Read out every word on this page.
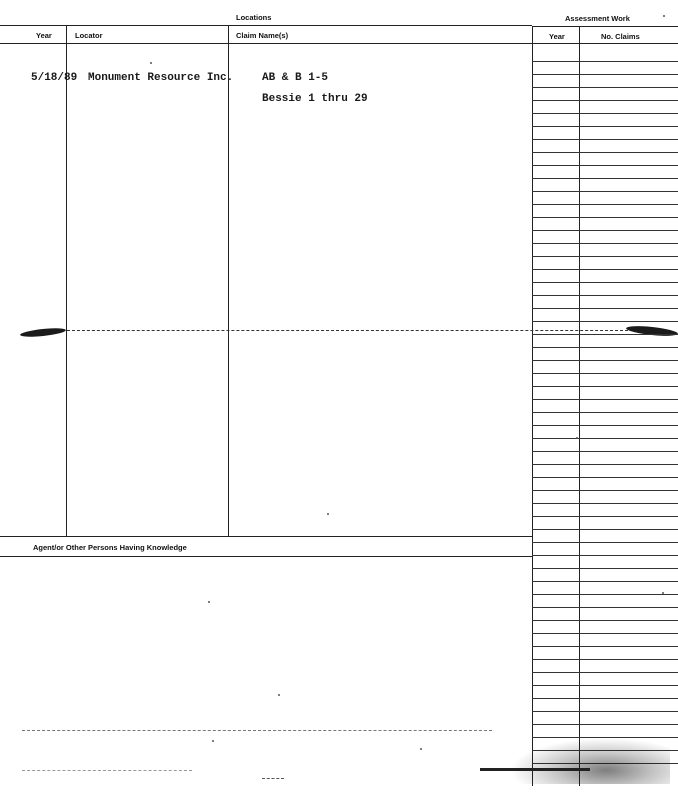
Locations	Assessment Work
Year	Locator	Claim Name(s)	Year	No. Claims
5/18/89 Monument Resource Inc.	AB & B 1-5
Bessie 1 thru 29
Agent/or Other Persons Having Knowledge
